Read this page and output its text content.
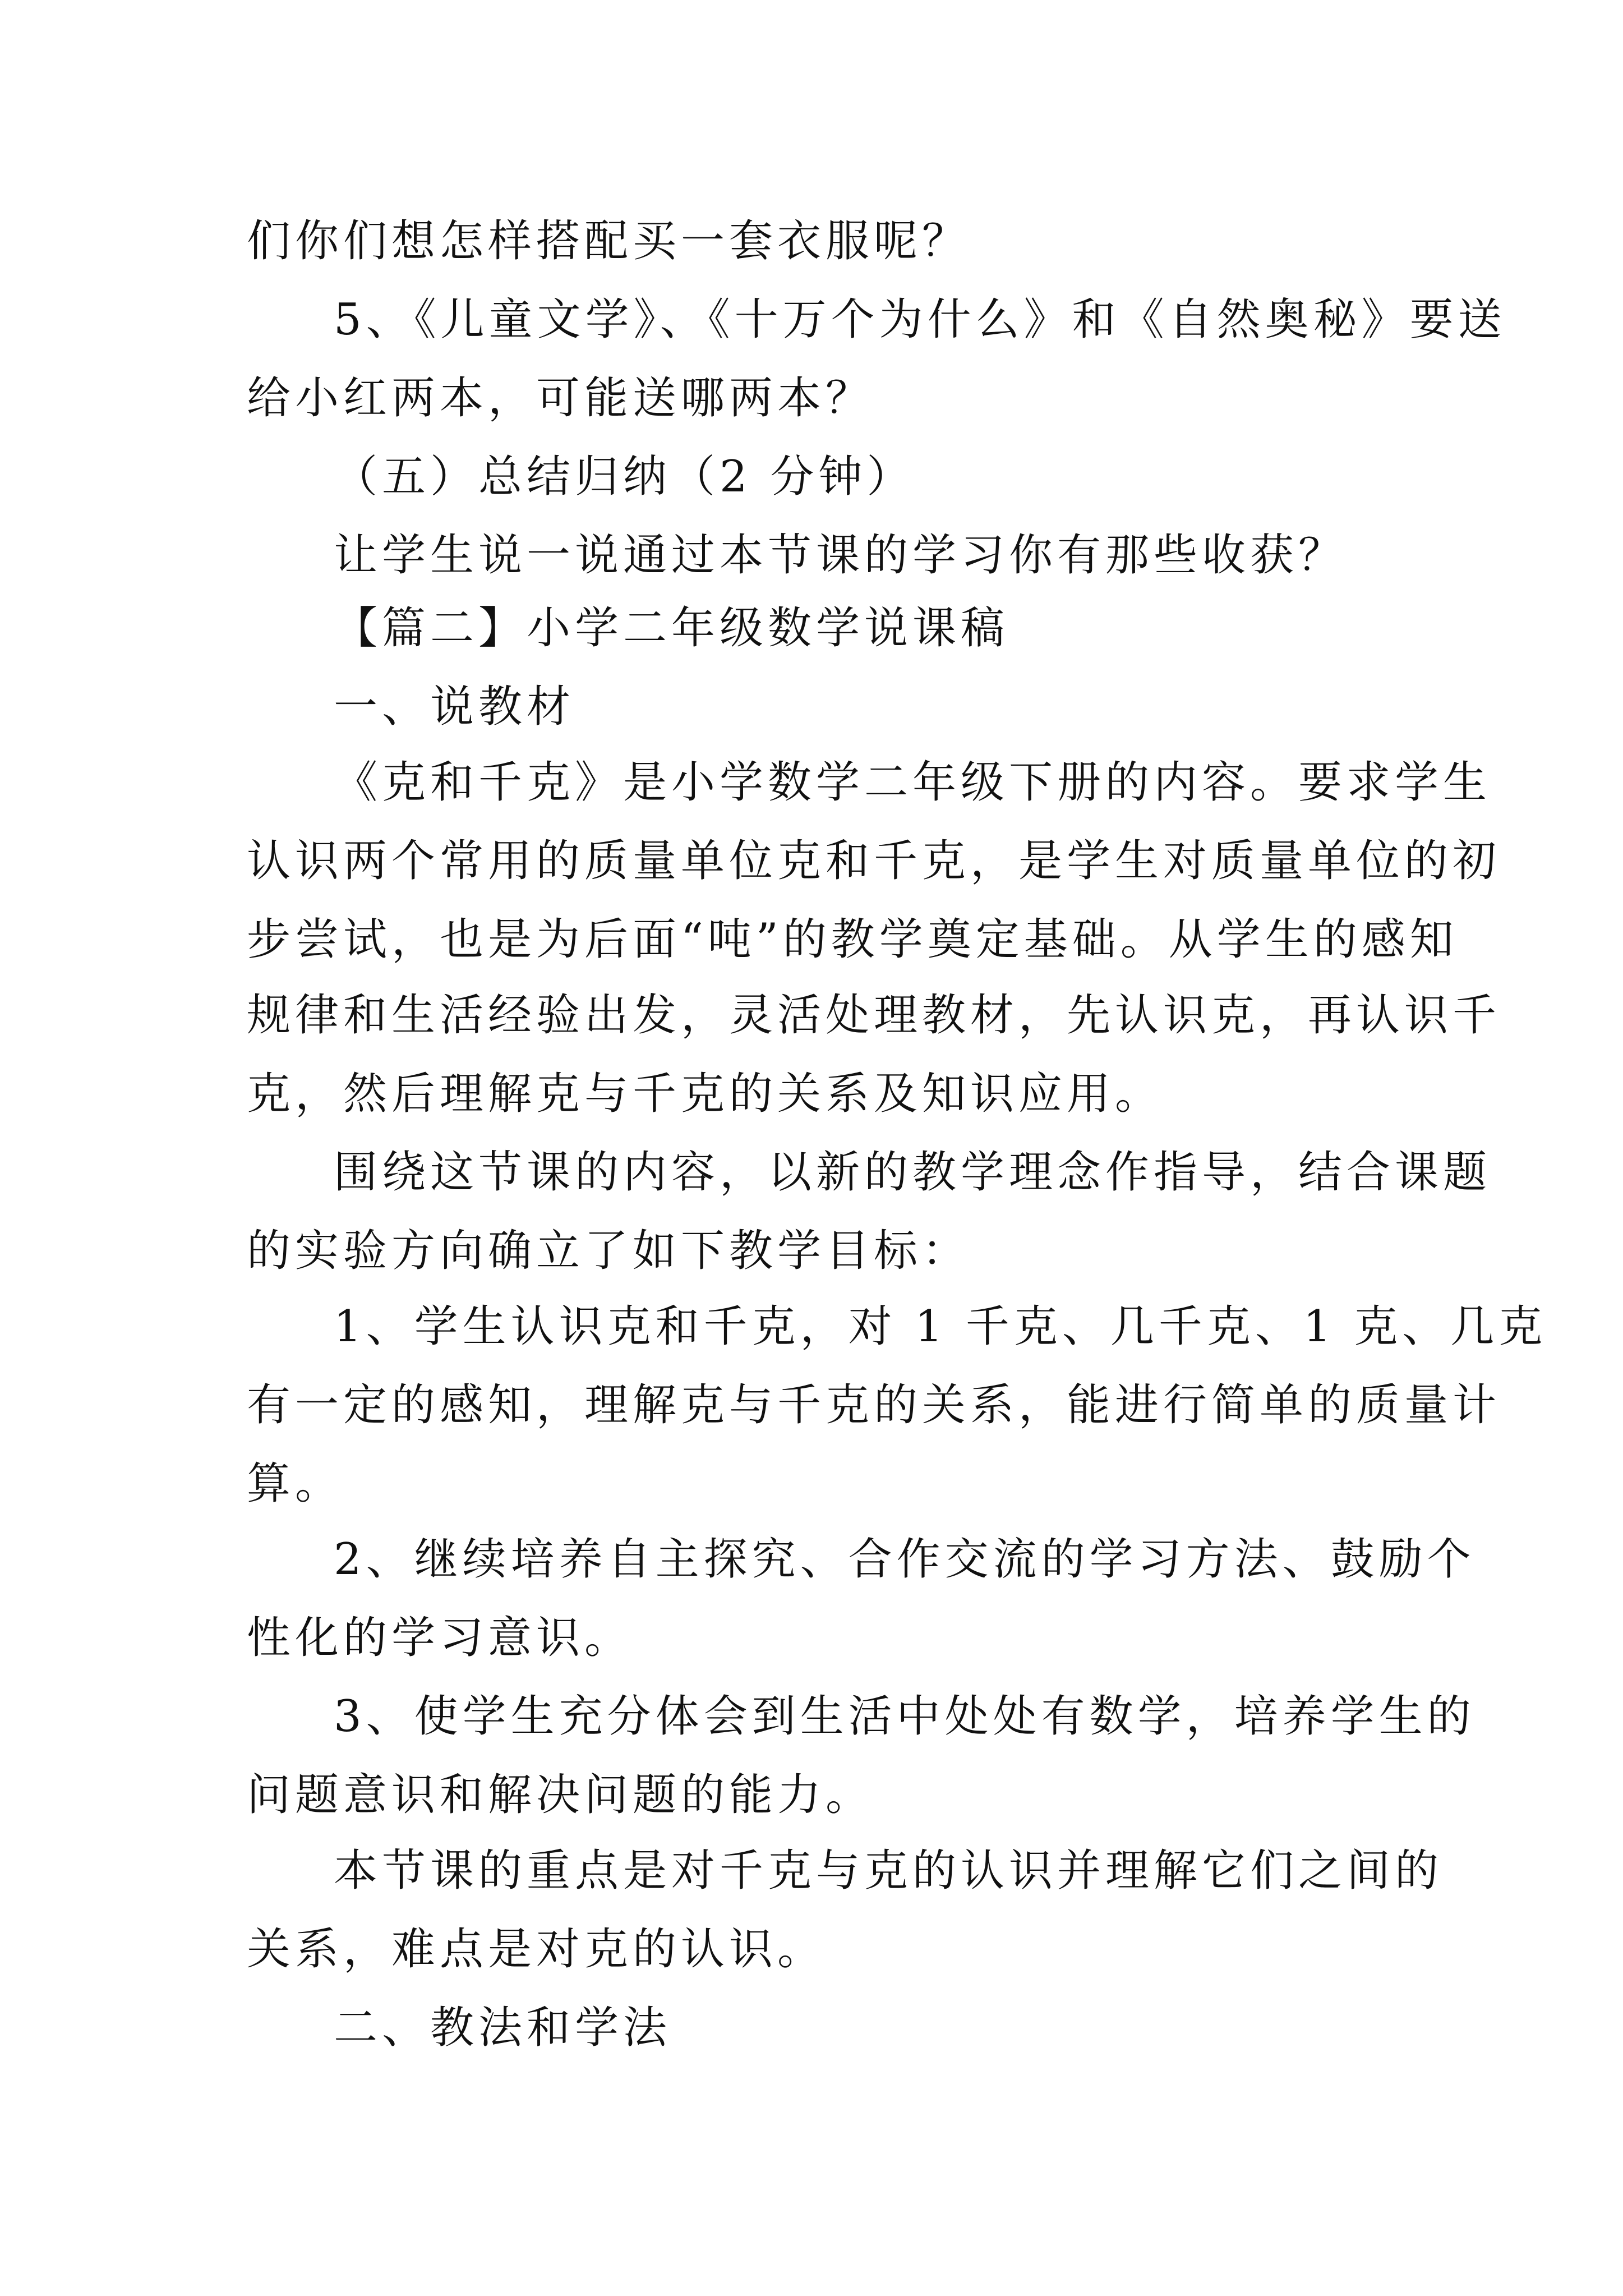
们你们想怎样搭配买一套衣服呢？
5、《儿童文学》、《十万个为什么》和《自然奥秘》要送
给小红两本，可能送哪两本？
（五）总结归纳（2 分钟）
让学生说一说通过本节课的学习你有那些收获？
【篇二】小学二年级数学说课稿
一、说教材
《克和千克》是小学数学二年级下册的内容。要求学生
认识两个常用的质量单位克和千克，是学生对质量单位的初
步尝试，也是为后面“吨”的教学奠定基础。从学生的感知
规律和生活经验出发，灵活处理教材，先认识克，再认识千
克，然后理解克与千克的关系及知识应用。
围绕这节课的内容，以新的教学理念作指导，结合课题
的实验方向确立了如下教学目标：
1、学生认识克和千克，对 1 千克、几千克、1 克、几克
有一定的感知，理解克与千克的关系，能进行简单的质量计
算。
2、继续培养自主探究、合作交流的学习方法、鼓励个
性化的学习意识。
3、使学生充分体会到生活中处处有数学，培养学生的
问题意识和解决问题的能力。
本节课的重点是对千克与克的认识并理解它们之间的
关系，难点是对克的认识。
二、教法和学法
